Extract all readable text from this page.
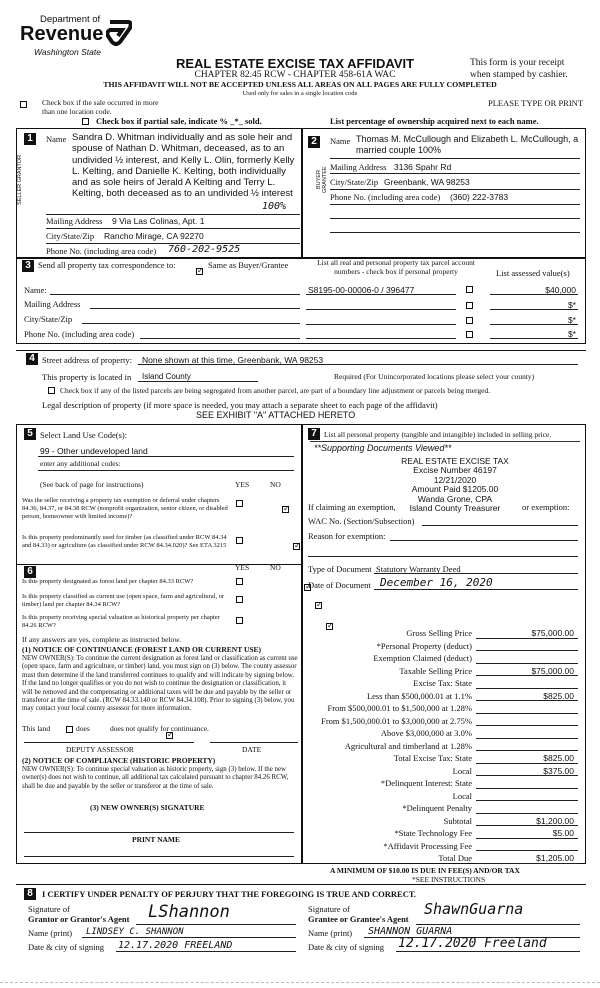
Department of
Revenue
Washington State
REAL ESTATE EXCISE TAX AFFIDAVIT
CHAPTER 82.45 RCW - CHAPTER 458-61A WAC
This form is your receipt when stamped by cashier.
THIS AFFIDAVIT WILL NOT BE ACCEPTED UNLESS ALL AREAS ON ALL PAGES ARE FULLY COMPLETED
Used only for sales in a single location code
Check box if the sale occurred in more than one location code.
Check box if partial sale, indicate % _*_ sold.	List percentage of ownership acquired next to each name.
PLEASE TYPE OR PRINT
1
SELLER GRANTOR
Name Sandra D. Whitman individually and as sole heir and spouse of Nathan D. Whitman, deceased, as to an undivided ½ interest, and Kelly L. Olin, formerly Kelly L. Kelting, and Danielle K. Kelting, both individually and as sole heirs of Jerald A Kelting and Terry L. Kelting, both deceased as to an undivided ½ interest
100%
Mailing Address 9 Via Las Colinas, Apt. 1
City/State/Zip Rancho Mirage, CA 92270
Phone No. (including area code) 760-202-9525
2
BUYER GRANTEE
Name Thomas M. McCullough and Elizabeth L. McCullough, a married couple 100%
Mailing Address 3136 Spahr Rd
City/State/Zip Greenbank, WA 98253
Phone No. (including area code) (360) 222-3783
3 Send all property tax correspondence to:
✓	Same as Buyer/Grantee
Name:
Mailing Address
City/State/Zip
Phone No. (including area code)
List all real and personal property tax parcel account numbers - check box if personal property	List assessed value(s)
S8195-00-00006-0 / 396477	$40,000
$*
$*
$*
4 Street address of property: None shown at this time, Greenbank, WA 98253
This property is located in Island County	Required (For Unincorporated locations please select your county)
Check box if any of the listed parcels are being segregated from another parcel, are part of a boundary line adjustment or parcels being merged.
Legal description of property (if more space is needed, you may attach a separate sheet to each page of the affidavit)
SEE EXHIBIT "A" ATTACHED HERETO
5 Select Land Use Code(s):
99 - Other undeveloped land
enter any additional codes:
(See back of page for instructions)	YES	NO
Was the seller receiving a property tax exemption or deferral under chapters 84.36, 84.37, or 84.38 RCW (nonprofit organization, senior citizen, or disabled person, homeowner with limited income)?
✓
Is this property predominantly used for timber (as classified under RCW 84.34 and 84.33) or agriculture (as classified under RCW 84.34.020)? See ETA 3215
✓
6	YES	NO
Is this property designated as forest land per chapter 84.33 RCW?
✓
Is this property classified as current use (open space, farm and agricultural, or timber) land per chapter 84.34 RCW?
✓
Is this property receiving special valuation as historical property per chapter 84.26 RCW?
✓
If any answers are yes, complete as instructed below.
(1) NOTICE OF CONTINUANCE (FOREST LAND OR CURRENT USE)
NEW OWNER(S): To continue the current designation as forest land or classification as current use (open space, farm and agriculture, or timber) land, you must sign on (3) below. The county assessor must then determine if the land transferred continues to qualify and will indicate by signing below. If the land no longer qualifies or you do not wish to continue the designation or classification, it will be removed and the compensating or additional taxes will be due and payable by the seller or transferor at the time of sale. (RCW 84.33.140 or RCW 84.34.108). Prior to signing (3) below, you may contact your local county assessor for more information.
This land	does
✓	does not qualify for continuance.
DEPUTY ASSESSOR	DATE
(2) NOTICE OF COMPLIANCE (HISTORIC PROPERTY)
NEW OWNER(S): To continue special valuation as historic property, sign (3) below. If the new owner(s) does not wish to continue, all additional tax calculated pursuant to chapter 84.26 RCW, shall be due and payable by the seller or transferor at the time of sale.
(3) NEW OWNER(S) SIGNATURE
PRINT NAME
7 List all personal property (tangible and intangible) included in selling price.
**Supporting Documents Viewed**
REAL ESTATE EXCISE TAX
Excise Number 46197
12/21/2020
Amount Paid $1205.00
Wanda Grone, CPA
Island County Treasurer
If claiming an exemption,	or exemption:
WAC No. (Section/Subsection)
Reason for exemption:
Type of Document Statutory Warranty Deed
Date of Document December 16, 2020
Gross Selling Price	$75,000.00
*Personal Property (deduct)
Exemption Claimed (deduct)
Taxable Selling Price	$75,000.00
Excise Tax: State
Less than $500,000.01 at 1.1%	$825.00
From $500,000.01 to $1,500,000 at 1.28%
From $1,500,000.01 to $3,000,000 at 2.75%
Above $3,000,000 at 3.0%
Agricultural and timberland at 1.28%
Total Excise Tax: State	$825.00
Local	$375.00
*Delinquent Interest: State
Local
*Delinquent Penalty
Subtotal	$1,200.00
*State Technology Fee	$5.00
*Affidavit Processing Fee
Total Due	$1,205.00
A MINIMUM OF $10.00 IS DUE IN FEE(S) AND/OR TAX
*SEE INSTRUCTIONS
8	I CERTIFY UNDER PENALTY OF PERJURY THAT THE FOREGOING IS TRUE AND CORRECT.
Signature of
Grantor or Grantor's Agent LShannon
Name (print) LINDSEY C. SHANNON
Date & city of signing 12.17.2020 FREELAND
Signature of
Grantee or Grantee's Agent
ShawnGuarna
Name (print) SHANNON GUARNA
Date & city of signing 12.17.2020 Freeland
